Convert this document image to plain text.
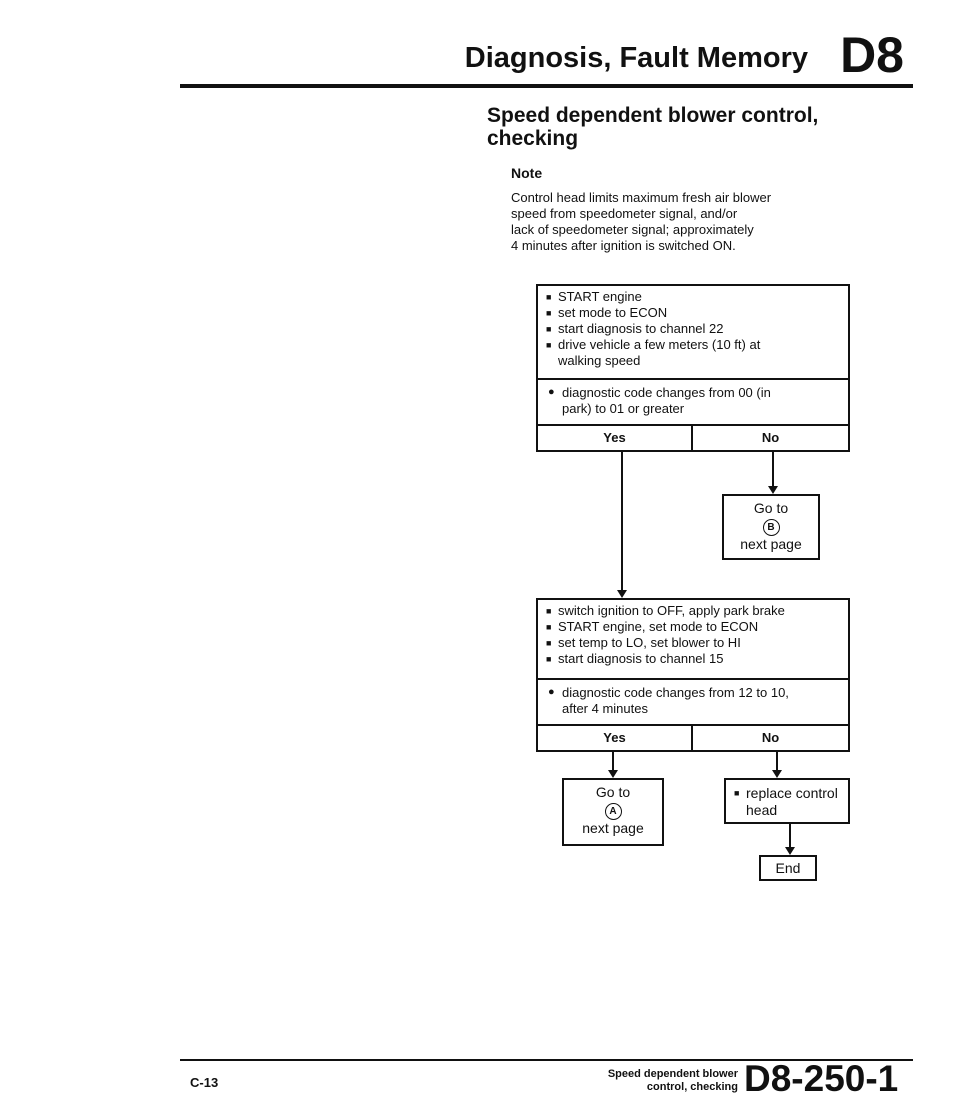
Diagnosis, Fault Memory D8
Speed dependent blower control,
checking
Note
Control head limits maximum fresh air blower
speed from speedometer signal, and/or
lack of speedometer signal; approximately
4 minutes after ignition is switched ON.
■ START engine
■ set mode to ECON
■ start diagnosis to channel 22
■ drive vehicle a few meters (10 ft) at
walking speed
● diagnostic code changes from 00 (in
park) to 01 or greater
Yes	No
Go to
B
next page
■ switch ignition to OFF, apply park brake
■ START engine, set mode to ECON
■ set temp to LO, set blower to HI
■ start diagnosis to channel 15
● diagnostic code changes from 12 to 10,
after 4 minutes
Yes	No
Go to
A
next page
■ replace control
head
End
C-13
Speed dependent blower
control, checking D8-250-1
